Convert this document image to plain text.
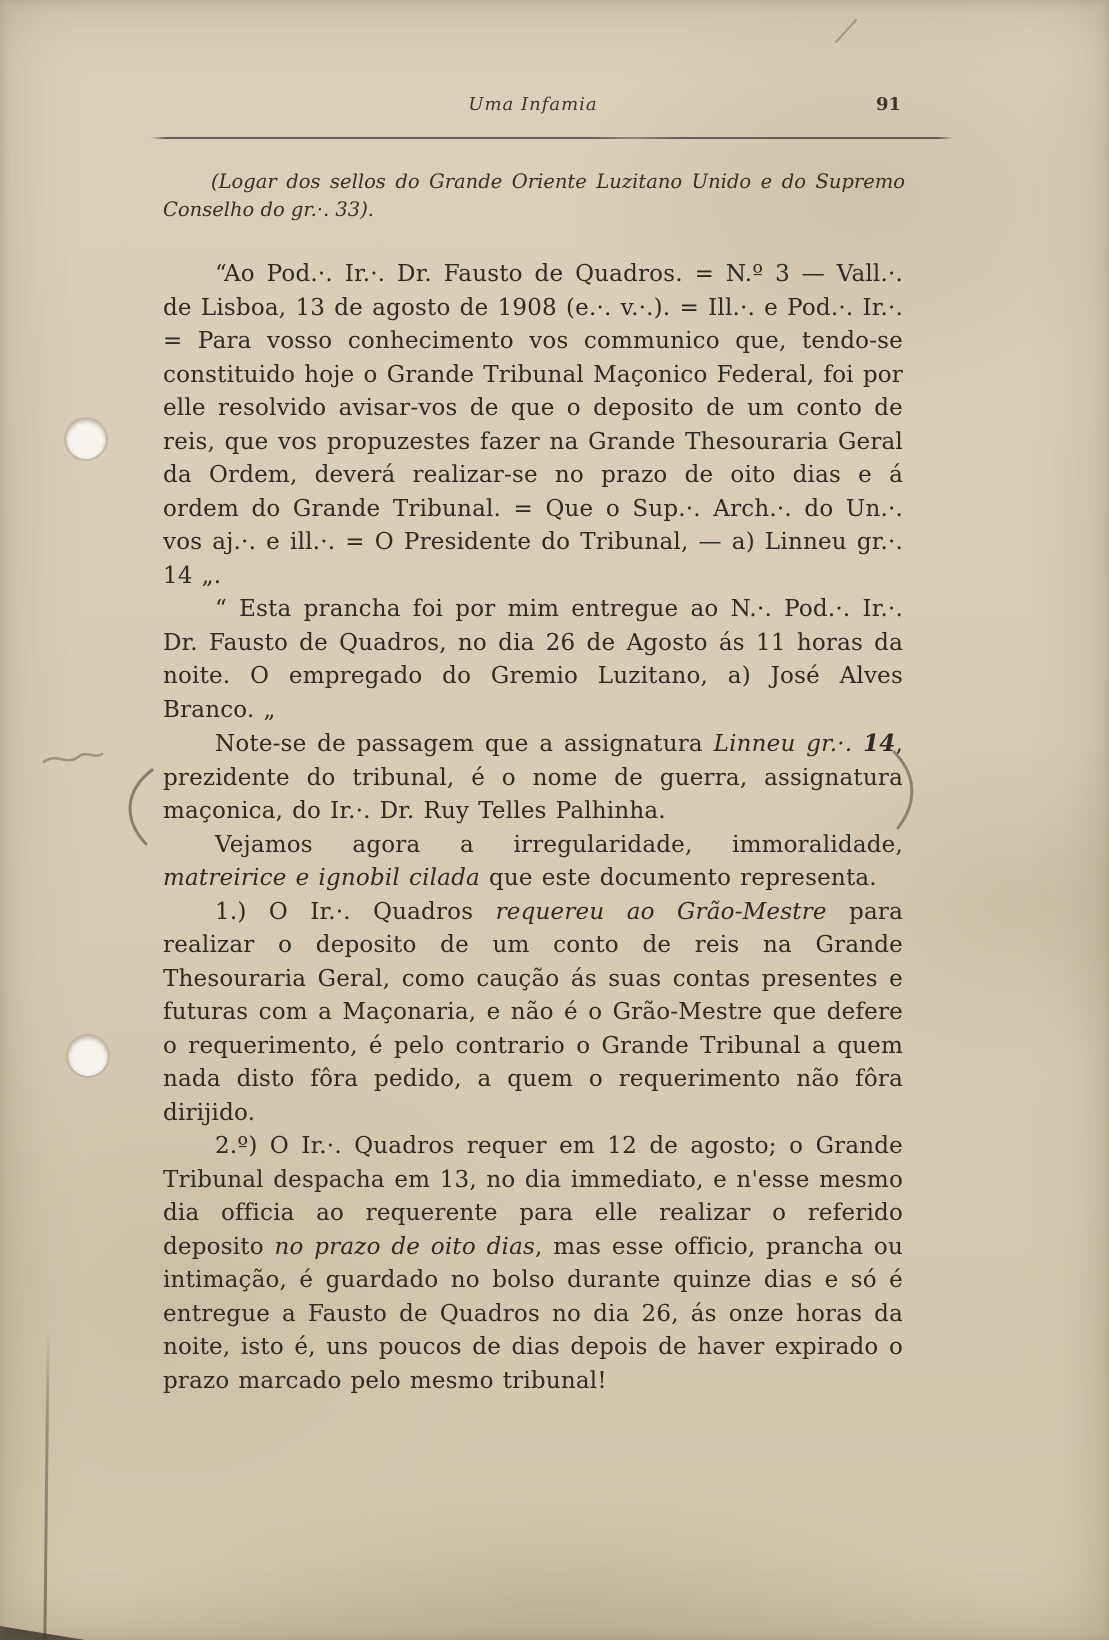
Uma Infamia	91

(Logar dos sellos do Grande Oriente Luzitano Unido e do Supremo Conselho do gr.·. 33).

“Ao Pod.·. Ir.·. Dr. Fausto de Quadros. = N.º 3 — Vall.·. de Lisboa, 13 de agosto de 1908 (e.·. v.·.). = Ill.·. e Pod.·. Ir.·. = Para vosso conhecimento vos communico que, tendo-se constituido hoje o Grande Tribunal Maçonico Federal, foi por elle resolvido avisar-vos de que o deposito de um conto de reis, que vos propuzestes fazer na Grande Thesouraria Geral da Ordem, deverá realizar-se no prazo de oito dias e á ordem do Grande Tribunal. = Que o Sup.·. Arch.·. do Un.·. vos aj.·. e ill.·. = O Presidente do Tribunal, — a) Linneu gr.·. 14 „.

“ Esta prancha foi por mim entregue ao N.·. Pod.·. Ir.·. Dr. Fausto de Quadros, no dia 26 de Agosto ás 11 horas da noite. O empregado do Gremio Luzitano, a) José Alves Branco. „

Note-se de passagem que a assignatura Linneu gr.·. 14, prezidente do tribunal, é o nome de guerra, assignatura maçonica, do Ir.·. Dr. Ruy Telles Palhinha.

Vejamos agora a irregularidade, immoralidade, matreirice e ignobil cilada que este documento representa.

1.) O Ir.·. Quadros requereu ao Grão-Mestre para realizar o deposito de um conto de reis na Grande Thesouraria Geral, como caução ás suas contas presentes e futuras com a Maçonaria, e não é o Grão-Mestre que defere o requerimento, é pelo contrario o Grande Tribunal a quem nada disto fôra pedido, a quem o requerimento não fôra dirijido.

2.º) O Ir.·. Quadros requer em 12 de agosto; o Grande Tribunal despacha em 13, no dia immediato, e n'esse mesmo dia officia ao requerente para elle realizar o referido deposito no prazo de oito dias, mas esse officio, prancha ou intimação, é guardado no bolso durante quinze dias e só é entregue a Fausto de Quadros no dia 26, ás onze horas da noite, isto é, uns poucos de dias depois de haver expirado o prazo marcado pelo mesmo tribunal!
